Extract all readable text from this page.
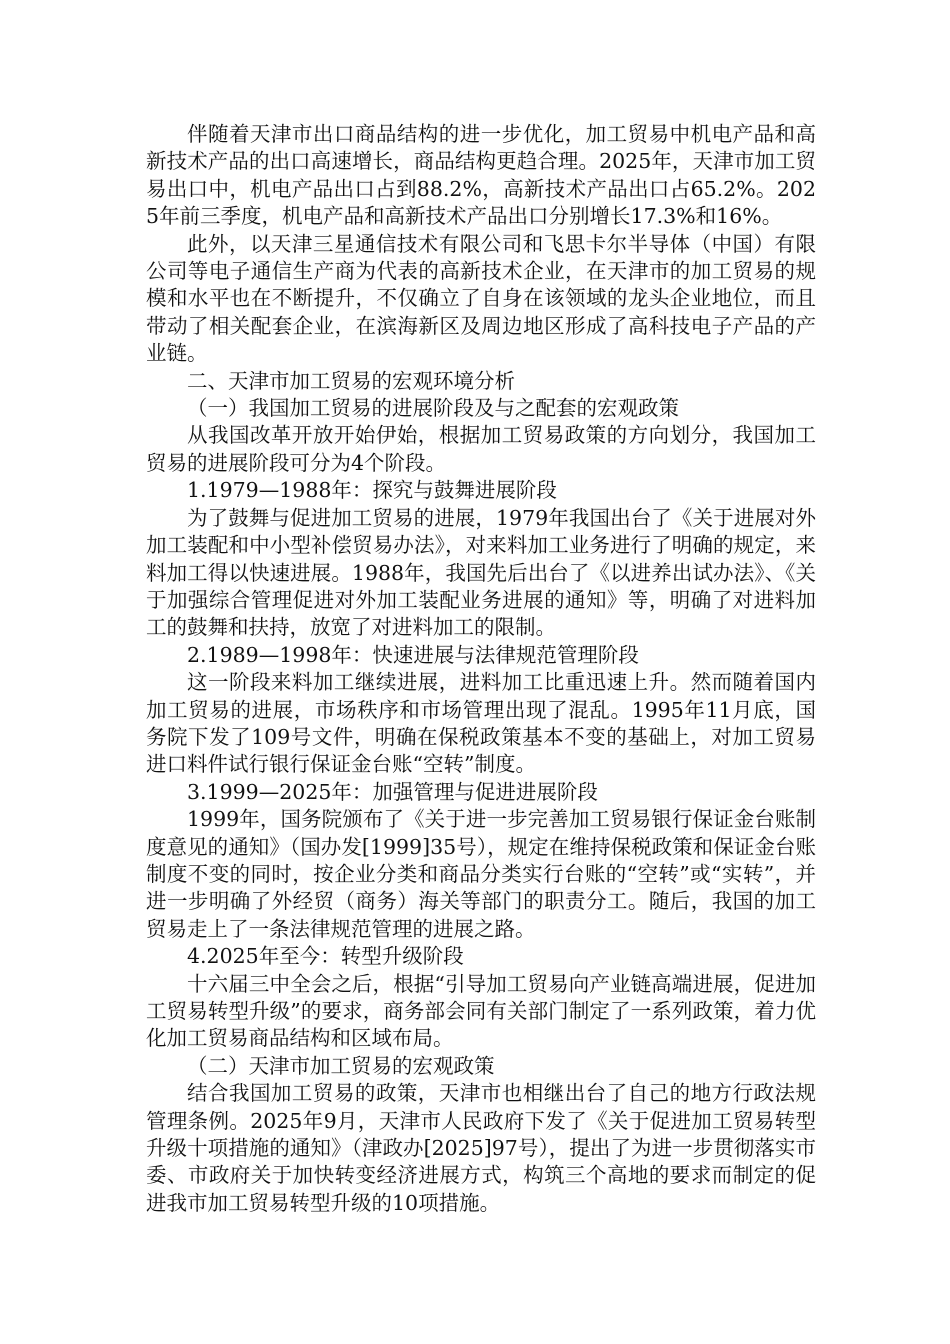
伴随着天津市出口商品结构的进一步优化，加工贸易中机电产品和高新技术产品的出口高速增长，商品结构更趋合理。2025年，天津市加工贸易出口中，机电产品出口占到88.2%，高新技术产品出口占65.2%。2025年前三季度，机电产品和高新技术产品出口分别增长17.3%和16%。

此外，以天津三星通信技术有限公司和飞思卡尔半导体（中国）有限公司等电子通信生产商为代表的高新技术企业，在天津市的加工贸易的规模和水平也在不断提升，不仅确立了自身在该领域的龙头企业地位，而且带动了相关配套企业，在滨海新区及周边地区形成了高科技电子产品的产业链。

二、天津市加工贸易的宏观环境分析

（一）我国加工贸易的进展阶段及与之配套的宏观政策

从我国改革开放开始伊始，根据加工贸易政策的方向划分，我国加工贸易的进展阶段可分为4个阶段。

1.1979—1988年：探究与鼓舞进展阶段

为了鼓舞与促进加工贸易的进展，1979年我国出台了《关于进展对外加工装配和中小型补偿贸易办法》，对来料加工业务进行了明确的规定，来料加工得以快速进展。1988年，我国先后出台了《以进养出试办法》、《关于加强综合管理促进对外加工装配业务进展的通知》等，明确了对进料加工的鼓舞和扶持，放宽了对进料加工的限制。

2.1989—1998年：快速进展与法律规范管理阶段

这一阶段来料加工继续进展，进料加工比重迅速上升。然而随着国内加工贸易的进展，市场秩序和市场管理出现了混乱。1995年11月底，国务院下发了109号文件，明确在保税政策基本不变的基础上，对加工贸易进口料件试行银行保证金台账“空转”制度。

3.1999—2025年：加强管理与促进进展阶段

1999年，国务院颁布了《关于进一步完善加工贸易银行保证金台账制度意见的通知》（国办发[1999]35号），规定在维持保税政策和保证金台账制度不变的同时，按企业分类和商品分类实行台账的“空转”或“实转”，并进一步明确了外经贸（商务）海关等部门的职责分工。随后，我国的加工贸易走上了一条法律规范管理的进展之路。

4.2025年至今：转型升级阶段

十六届三中全会之后，根据“引导加工贸易向产业链高端进展，促进加工贸易转型升级”的要求，商务部会同有关部门制定了一系列政策，着力优化加工贸易商品结构和区域布局。

（二）天津市加工贸易的宏观政策

结合我国加工贸易的政策，天津市也相继出台了自己的地方行政法规管理条例。2025年9月，天津市人民政府下发了《关于促进加工贸易转型升级十项措施的通知》（津政办[2025]97号），提出了为进一步贯彻落实市委、市政府关于加快转变经济进展方式，构筑三个高地的要求而制定的促进我市加工贸易转型升级的10项措施。
